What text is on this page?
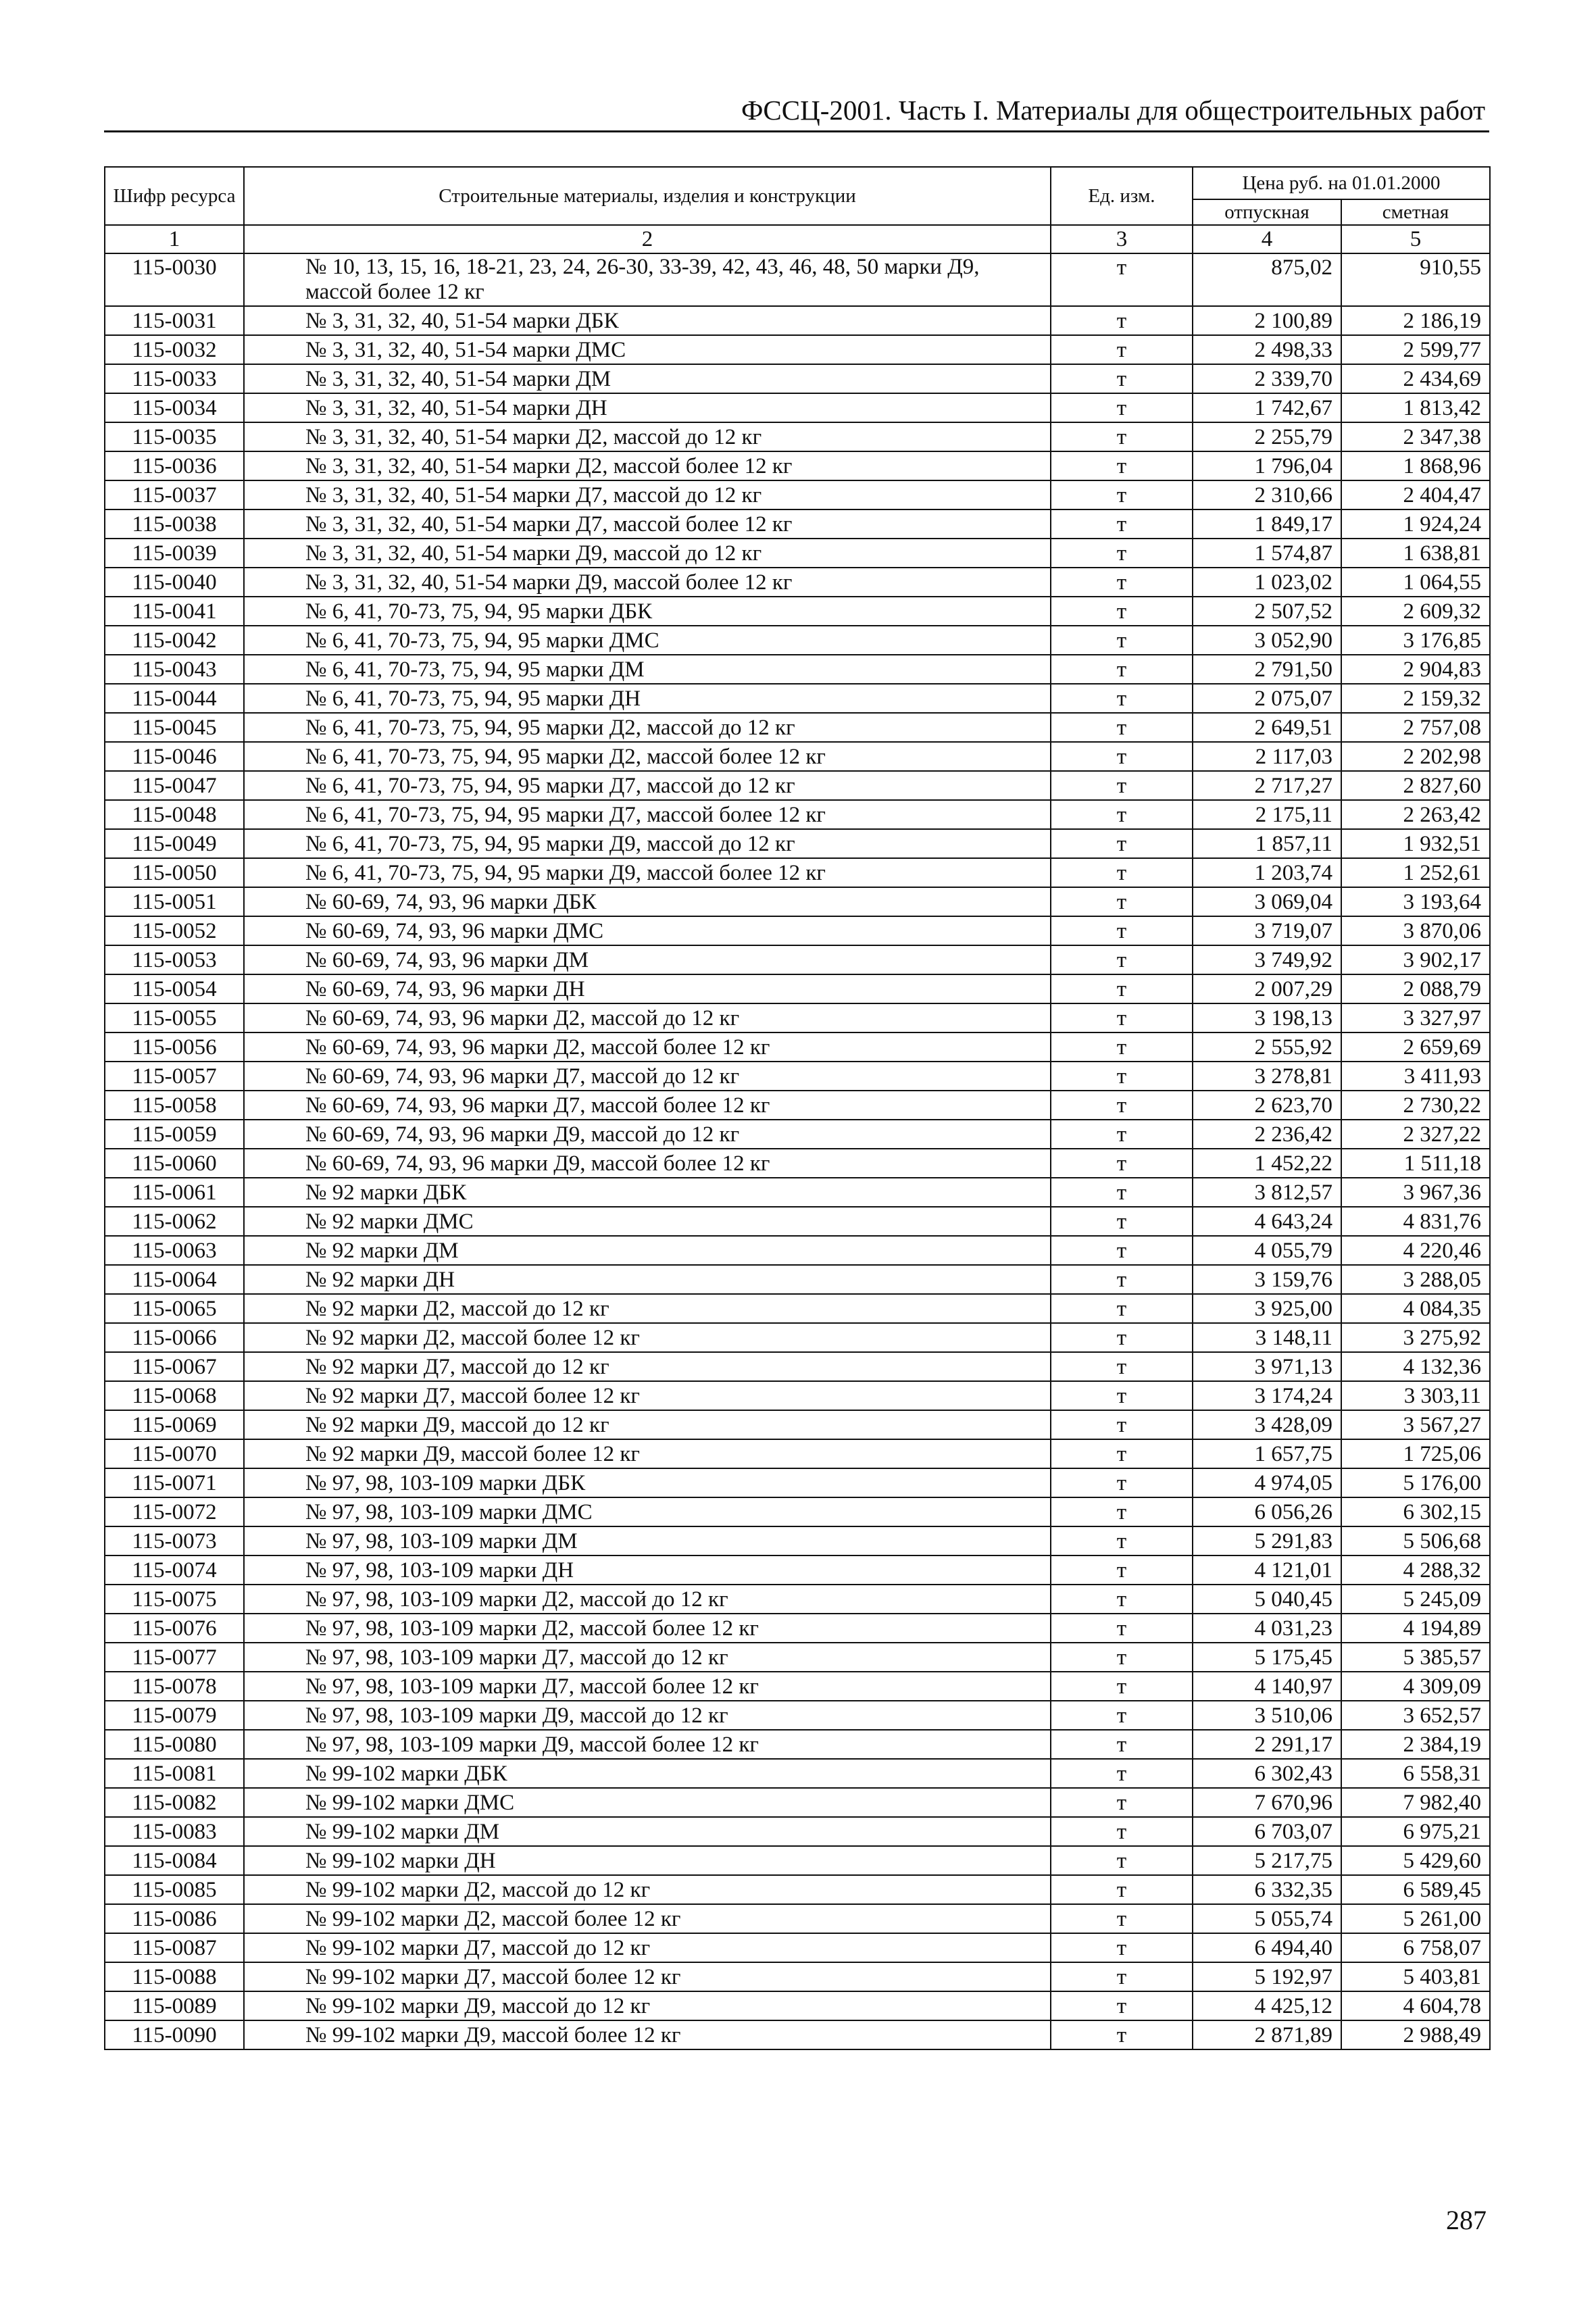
ФССЦ-2001. Часть I. Материалы для общестроительных работ
Шифр ресурса	Строительные материалы, изделия и конструкции	Ед. изм.	Цена руб. на 01.01.2000	
			отпускная	сметная
1	2	3	4	5
115-0030	№ 10, 13, 15, 16, 18-21, 23, 24, 26-30, 33-39, 42, 43, 46, 48, 50 марки Д9, массой более 12 кг	т	875,02	910,55
115-0031	№ 3, 31, 32, 40, 51-54 марки ДБК	т	2 100,89	2 186,19
115-0032	№ 3, 31, 32, 40, 51-54 марки ДМС	т	2 498,33	2 599,77
115-0033	№ 3, 31, 32, 40, 51-54 марки ДМ	т	2 339,70	2 434,69
115-0034	№ 3, 31, 32, 40, 51-54 марки ДН	т	1 742,67	1 813,42
115-0035	№ 3, 31, 32, 40, 51-54 марки Д2, массой до 12 кг	т	2 255,79	2 347,38
115-0036	№ 3, 31, 32, 40, 51-54 марки Д2, массой более 12 кг	т	1 796,04	1 868,96
115-0037	№ 3, 31, 32, 40, 51-54 марки Д7, массой до 12 кг	т	2 310,66	2 404,47
115-0038	№ 3, 31, 32, 40, 51-54 марки Д7, массой более 12 кг	т	1 849,17	1 924,24
115-0039	№ 3, 31, 32, 40, 51-54 марки Д9, массой до 12 кг	т	1 574,87	1 638,81
115-0040	№ 3, 31, 32, 40, 51-54 марки Д9, массой более 12 кг	т	1 023,02	1 064,55
115-0041	№ 6, 41, 70-73, 75, 94, 95 марки ДБК	т	2 507,52	2 609,32
115-0042	№ 6, 41, 70-73, 75, 94, 95 марки ДМС	т	3 052,90	3 176,85
115-0043	№ 6, 41, 70-73, 75, 94, 95 марки ДМ	т	2 791,50	2 904,83
115-0044	№ 6, 41, 70-73, 75, 94, 95 марки ДН	т	2 075,07	2 159,32
115-0045	№ 6, 41, 70-73, 75, 94, 95 марки Д2, массой до 12 кг	т	2 649,51	2 757,08
115-0046	№ 6, 41, 70-73, 75, 94, 95 марки Д2, массой более 12 кг	т	2 117,03	2 202,98
115-0047	№ 6, 41, 70-73, 75, 94, 95 марки Д7, массой до 12 кг	т	2 717,27	2 827,60
115-0048	№ 6, 41, 70-73, 75, 94, 95 марки Д7, массой более 12 кг	т	2 175,11	2 263,42
115-0049	№ 6, 41, 70-73, 75, 94, 95 марки Д9, массой до 12 кг	т	1 857,11	1 932,51
115-0050	№ 6, 41, 70-73, 75, 94, 95 марки Д9, массой более 12 кг	т	1 203,74	1 252,61
115-0051	№ 60-69, 74, 93, 96 марки ДБК	т	3 069,04	3 193,64
115-0052	№ 60-69, 74, 93, 96 марки ДМС	т	3 719,07	3 870,06
115-0053	№ 60-69, 74, 93, 96 марки ДМ	т	3 749,92	3 902,17
115-0054	№ 60-69, 74, 93, 96 марки ДН	т	2 007,29	2 088,79
115-0055	№ 60-69, 74, 93, 96 марки Д2, массой до 12 кг	т	3 198,13	3 327,97
115-0056	№ 60-69, 74, 93, 96 марки Д2, массой более 12 кг	т	2 555,92	2 659,69
115-0057	№ 60-69, 74, 93, 96 марки Д7, массой до 12 кг	т	3 278,81	3 411,93
115-0058	№ 60-69, 74, 93, 96 марки Д7, массой более 12 кг	т	2 623,70	2 730,22
115-0059	№ 60-69, 74, 93, 96 марки Д9, массой до 12 кг	т	2 236,42	2 327,22
115-0060	№ 60-69, 74, 93, 96 марки Д9, массой более 12 кг	т	1 452,22	1 511,18
115-0061	№ 92 марки ДБК	т	3 812,57	3 967,36
115-0062	№ 92 марки ДМС	т	4 643,24	4 831,76
115-0063	№ 92 марки ДМ	т	4 055,79	4 220,46
115-0064	№ 92 марки ДН	т	3 159,76	3 288,05
115-0065	№ 92 марки Д2, массой до 12 кг	т	3 925,00	4 084,35
115-0066	№ 92 марки Д2, массой более 12 кг	т	3 148,11	3 275,92
115-0067	№ 92 марки Д7, массой до 12 кг	т	3 971,13	4 132,36
115-0068	№ 92 марки Д7, массой более 12 кг	т	3 174,24	3 303,11
115-0069	№ 92 марки Д9, массой до 12 кг	т	3 428,09	3 567,27
115-0070	№ 92 марки Д9, массой более 12 кг	т	1 657,75	1 725,06
115-0071	№ 97, 98, 103-109 марки ДБК	т	4 974,05	5 176,00
115-0072	№ 97, 98, 103-109 марки ДМС	т	6 056,26	6 302,15
115-0073	№ 97, 98, 103-109 марки ДМ	т	5 291,83	5 506,68
115-0074	№ 97, 98, 103-109 марки ДН	т	4 121,01	4 288,32
115-0075	№ 97, 98, 103-109 марки Д2, массой до 12 кг	т	5 040,45	5 245,09
115-0076	№ 97, 98, 103-109 марки Д2, массой более 12 кг	т	4 031,23	4 194,89
115-0077	№ 97, 98, 103-109 марки Д7, массой до 12 кг	т	5 175,45	5 385,57
115-0078	№ 97, 98, 103-109 марки Д7, массой более 12 кг	т	4 140,97	4 309,09
115-0079	№ 97, 98, 103-109 марки Д9, массой до 12 кг	т	3 510,06	3 652,57
115-0080	№ 97, 98, 103-109 марки Д9, массой более 12 кг	т	2 291,17	2 384,19
115-0081	№ 99-102 марки ДБК	т	6 302,43	6 558,31
115-0082	№ 99-102 марки ДМС	т	7 670,96	7 982,40
115-0083	№ 99-102 марки ДМ	т	6 703,07	6 975,21
115-0084	№ 99-102 марки ДН	т	5 217,75	5 429,60
115-0085	№ 99-102 марки Д2, массой до 12 кг	т	6 332,35	6 589,45
115-0086	№ 99-102 марки Д2, массой более 12 кг	т	5 055,74	5 261,00
115-0087	№ 99-102 марки Д7, массой до 12 кг	т	6 494,40	6 758,07
115-0088	№ 99-102 марки Д7, массой более 12 кг	т	5 192,97	5 403,81
115-0089	№ 99-102 марки Д9, массой до 12 кг	т	4 425,12	4 604,78
115-0090	№ 99-102 марки Д9, массой более 12 кг	т	2 871,89	2 988,49
287
